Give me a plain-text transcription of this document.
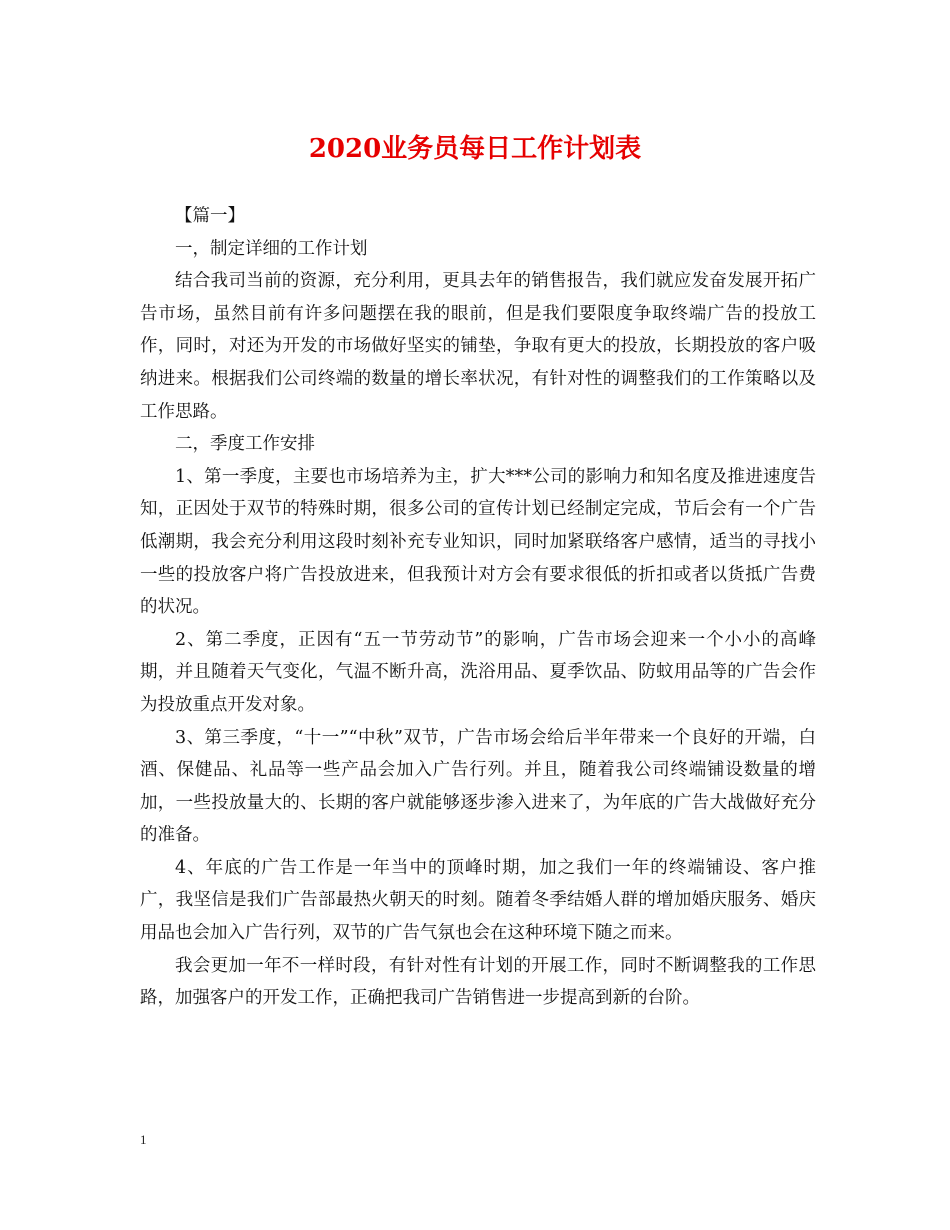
2020业务员每日工作计划表

【篇一】

一，制定详细的工作计划

结合我司当前的资源，充分利用，更具去年的销售报告，我们就应发奋发展开拓广告市场，虽然目前有许多问题摆在我的眼前，但是我们要限度争取终端广告的投放工作，同时，对还为开发的市场做好坚实的铺垫，争取有更大的投放，长期投放的客户吸纳进来。根据我们公司终端的数量的增长率状况，有针对性的调整我们的工作策略以及工作思路。

二，季度工作安排

1、第一季度，主要也市场培养为主，扩大***公司的影响力和知名度及推进速度告知，正因处于双节的特殊时期，很多公司的宣传计划已经制定完成，节后会有一个广告低潮期，我会充分利用这段时刻补充专业知识，同时加紧联络客户感情，适当的寻找小一些的投放客户将广告投放进来，但我预计对方会有要求很低的折扣或者以货抵广告费的状况。

2、第二季度，正因有“五一节劳动节”的影响，广告市场会迎来一个小小的高峰期，并且随着天气变化，气温不断升高，洗浴用品、夏季饮品、防蚊用品等的广告会作为投放重点开发对象。

3、第三季度，“十一”“中秋”双节，广告市场会给后半年带来一个良好的开端，白酒、保健品、礼品等一些产品会加入广告行列。并且，随着我公司终端铺设数量的增加，一些投放量大的、长期的客户就能够逐步渗入进来了，为年底的广告大战做好充分的准备。

4、年底的广告工作是一年当中的顶峰时期，加之我们一年的终端铺设、客户推广，我坚信是我们广告部最热火朝天的时刻。随着冬季结婚人群的增加婚庆服务、婚庆用品也会加入广告行列，双节的广告气氛也会在这种环境下随之而来。

我会更加一年不一样时段，有针对性有计划的开展工作，同时不断调整我的工作思路，加强客户的开发工作，正确把我司广告销售进一步提高到新的台阶。

1
